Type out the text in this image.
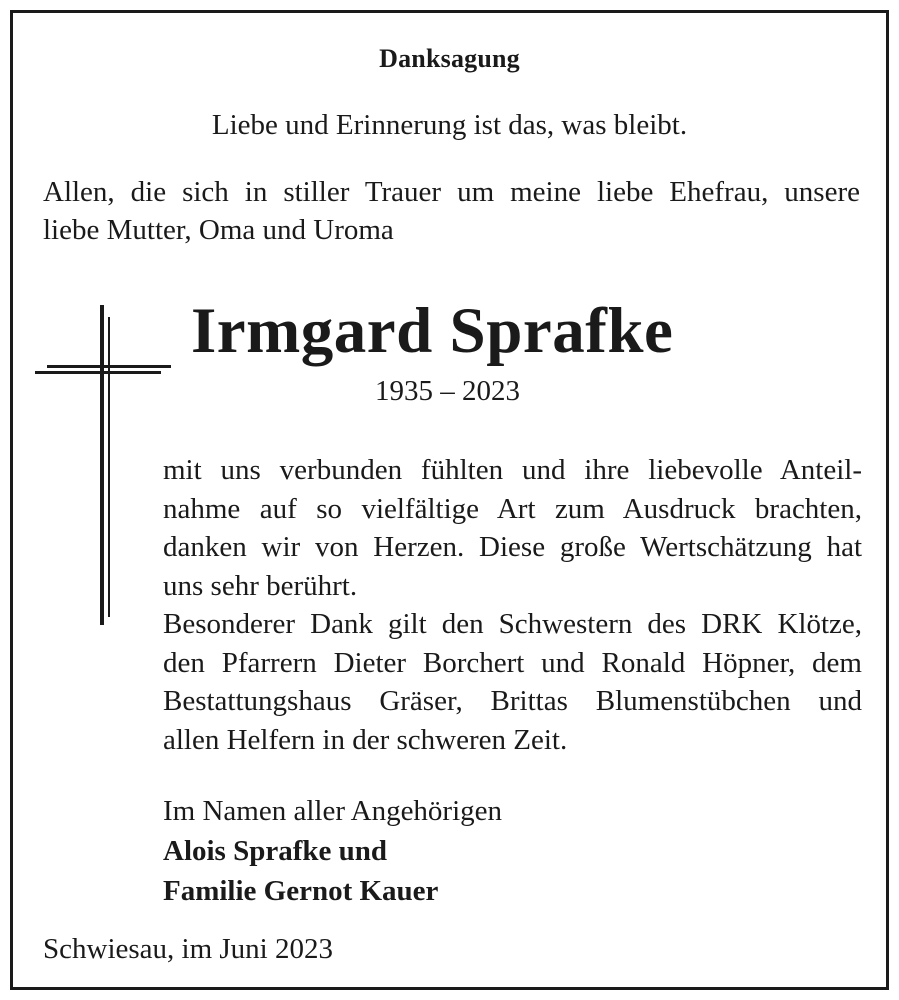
Danksagung
Liebe und Erinnerung ist das, was bleibt.
Allen, die sich in stiller Trauer um meine liebe Ehefrau, unsere
liebe Mutter, Oma und Uroma
Irmgard Sprafke
1935 – 2023
mit uns verbunden fühlten und ihre liebevolle Anteil-
nahme auf so vielfältige Art zum Ausdruck brachten,
danken wir von Herzen. Diese große Wertschätzung hat
uns sehr berührt.
Besonderer Dank gilt den Schwestern des DRK Klötze,
den Pfarrern Dieter Borchert und Ronald Höpner, dem
Bestattungshaus Gräser, Brittas Blumenstübchen und
allen Helfern in der schweren Zeit.
Im Namen aller Angehörigen
Alois Sprafke und
Familie Gernot Kauer
Schwiesau, im Juni 2023
